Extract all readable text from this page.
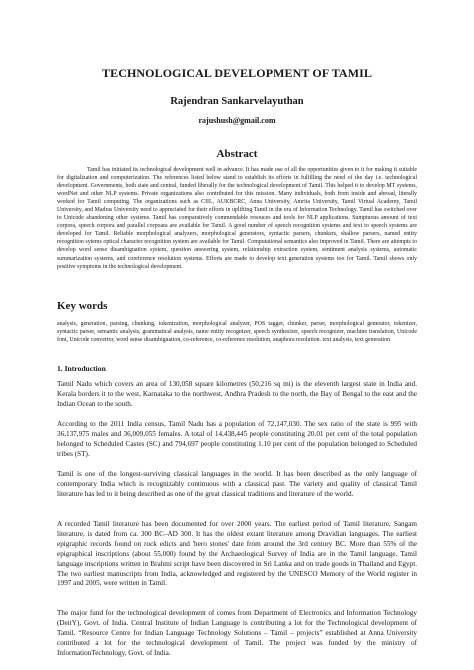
TECHNOLOGICAL DEVELOPMENT OF TAMIL
Rajendran Sankarvelayuthan
rajushush@gmail.com
Abstract

Tamil has initiated its technological development well in advance. It has made use of all the opportunities given to it for making it suitable for digitalization and computerization. The references listed below stand to establish its efforts in fulfilling the need of the day i.e. technological development. Governments, both state and central, funded liberally for the technological development of Tamil. This helped it to develop MT systems, wordNet and other NLP systems. Private organizations also contributed for this mission. Many individuals, both from inside and abroad, literally worked for Tamil computing. The organizations such as CIIL, AUKBCRC, Anna University, Amrita University, Tamil Virtual Academy, Tamil University, and Madras University need to appreciated for their efforts in uplifting Tamil in the era of Information Technology. Tamil has switched over to Unicode abandoning other systems. Tamil has comparatively commendable resouces and tools for NLP applications. Sumptuous amount of text corpora, speech corpora and parallel corpoara are available for Tamil. A good number of speech recognition systems and text to speech systems are developed for Tamil. Reliable morphological analyzers, morphological generators, syntactic parsers, chunkers, shallow parsers, named entity recognition sytems optical character recognition system are available for Tamil. Computational semantics also improved in Tamil. There are attempts to develop word sense disambiguation system, question answering system, relationship extraction system, sentiment analysis systems, automatic summarization systems, and coreference resolution systems. Efforts are made to develop text generation systems too for Tamil. Tamil shows only positive symptoms in the technological development.

Key words

analysis, generation, parsing, chunking, tokenization, morphological analyzer, POS tagger, chunker, parser, morphological generator, tokenizer, syntactic parser, semantic analysis, grammatical analysis, name entity recognizer, speech synthesizer, speech recognizer, machine translation, Unicode font, Unicode convertor, word sense disambiguation, co-reference, co-reference resolution, anaphora resolution. text analysis, text generation

1. Introduction

Tamil Nadu which covers an area of 130,058 square kilometres (50,216 sq mi) is the eleventh largest state in India and. Kerala borders it to the west, Karnataka to the northwest, Andhra Pradesh to the north, the Bay of Bengal to the east and the Indian Ocean to the south.

According to the 2011 India census, Tamil Nadu has a population of 72,147,030. The sex ratio of the state is 995 with 36,137,975 males and 36,009,055 females. A total of 14,438,445 people constituting 20.01 per cent of the total population belonged to Scheduled Castes (SC) and 794,697 people constituting 1.10 per cent of the population belonged to Scheduled tribes (ST).

Tamil is one of the longest-surviving classical languages in the world. It has been described as the only language of contemporary India which is recognizably continuous with a classical past. The variety and quality of classical Tamil literature has led to it being described as one of the great classical traditions and literature of the world.

A recorded Tamil literature has been documented for over 2000 years. The earliest period of Tamil literature, Sangam literature, is dated from ca. 300 BC–AD 300. It has the oldest extant literature among Dravidian languages. The earliest epigraphic records found on rock edicts and 'hero stones' date from around the 3rd century BC. More than 55% of the epigraphical inscriptions (about 55,000) found by the Archaeological Survey of India are in the Tamil language. Tamil language inscriptions written in Brahmi script have been discovered in Sri Lanka and on trade goods in Thailand and Egypt. The two earliest manuscripts from India, acknowledged and registered by the UNESCO Memory of the World register in 1997 and 2005, were written in Tamil.

The major fund for the technological development of comes from Department of Electronics and Information Technology (DeitY), Govt. of India. Central Institute of Indian Language is contributing a lot for the Technological development of Tamil. “Resource Centre for Indian Language Technology Solutions – Tamil – projects” established at Anna University contributed a lot for the technological development of Tamil. The project was funded by the ministry of InformationTechnology, Govt. of India.
